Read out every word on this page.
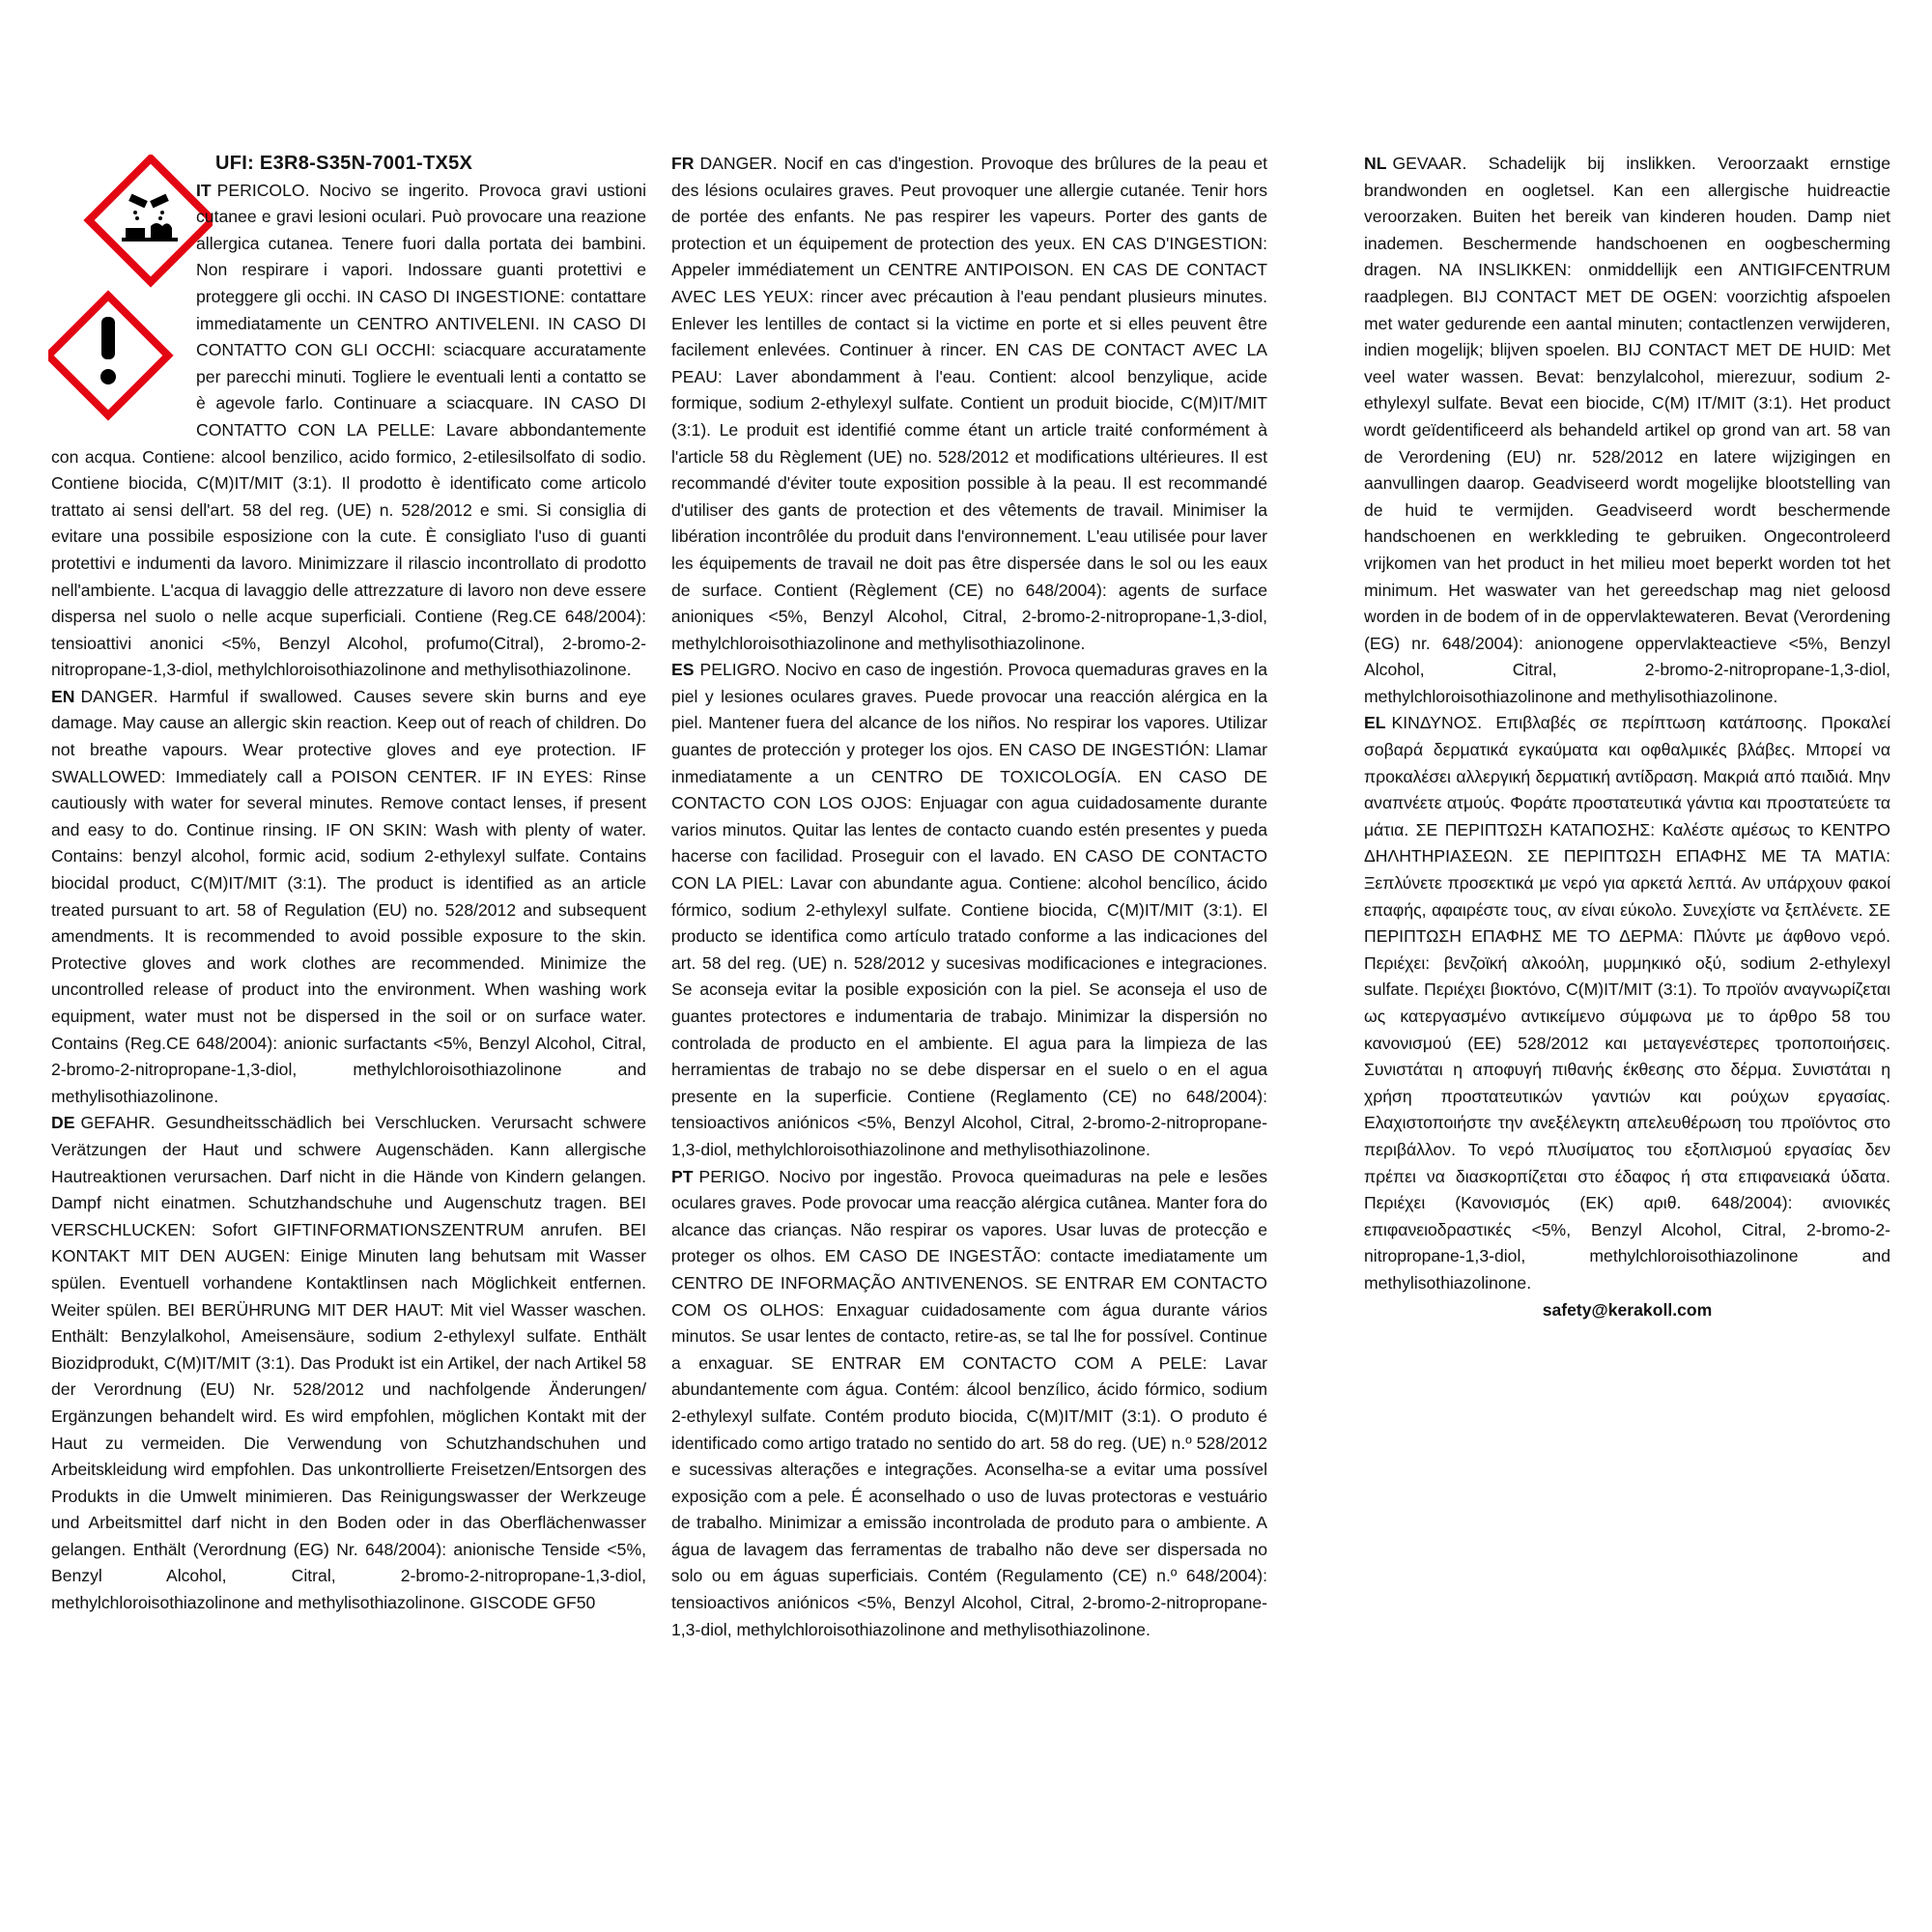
UFI: E3R8-S35N-7001-TX5X

IT PERICOLO. Nocivo se ingerito. Provoca gravi ustioni cutanee e gravi lesioni oculari. Può provocare una reazione allergica cutanea. Tenere fuori dalla portata dei bambini. Non respirare i vapori. Indossare guanti protettivi e proteggere gli occhi. IN CASO DI INGESTIONE: contattare immediatamente un CENTRO ANTIVELENI. IN CASO DI CONTATTO CON GLI OCCHI: sciacquare accuratamente per parecchi minuti. Togliere le eventuali lenti a contatto se è agevole farlo. Continuare a sciacquare. IN CASO DI CONTATTO CON LA PELLE: Lavare abbondantemente con acqua. Contiene: alcool benzilico, acido formico, 2-etilesilsolfato di sodio. Contiene biocida, C(M)IT/MIT (3:1). Il prodotto è identificato come articolo trattato ai sensi dell'art. 58 del reg. (UE) n. 528/2012 e smi. Si consiglia di evitare una possibile esposizione con la cute. È consigliato l'uso di guanti protettivi e indumenti da lavoro. Minimizzare il rilascio incontrollato di prodotto nell'ambiente. L'acqua di lavaggio delle attrezzature di lavoro non deve essere dispersa nel suolo o nelle acque superficiali. Contiene (Reg.CE 648/2004): tensioattivi anonici <5%, Benzyl Alcohol, profumo(Citral), 2-bromo-2-nitropropane-1,3-diol, methylchloroisothiazolinone and methylisothiazolinone.

EN DANGER. Harmful if swallowed. Causes severe skin burns and eye damage. May cause an allergic skin reaction. Keep out of reach of children. Do not breathe vapours. Wear protective gloves and eye protection. IF SWALLOWED: Immediately call a POISON CENTER. IF IN EYES: Rinse cautiously with water for several minutes. Remove contact lenses, if present and easy to do. Continue rinsing. IF ON SKIN: Wash with plenty of water. Contains: benzyl alcohol, formic acid, sodium 2-ethylexyl sulfate. Contains biocidal product, C(M)IT/MIT (3:1). The product is identified as an article treated pursuant to art. 58 of Regulation (EU) no. 528/2012 and subsequent amendments. It is recommended to avoid possible exposure to the skin. Protective gloves and work clothes are recommended. Minimize the uncontrolled release of product into the environment. When washing work equipment, water must not be dispersed in the soil or on surface water. Contains (Reg.CE 648/2004): anionic surfactants <5%, Benzyl Alcohol, Citral, 2-bromo-2-nitropropane-1,3-diol, methylchloroisothiazolinone and methylisothiazolinone.

DE GEFAHR. Gesundheitsschädlich bei Verschlucken. Verursacht schwere Verätzungen der Haut und schwere Augenschäden. Kann allergische Hautreaktionen verursachen. Darf nicht in die Hände von Kindern gelangen. Dampf nicht einatmen. Schutzhandschuhe und Augenschutz tragen. BEI VERSCHLUCKEN: Sofort GIFTINFORMATIONSZENTRUM anrufen. BEI KONTAKT MIT DEN AUGEN: Einige Minuten lang behutsam mit Wasser spülen. Eventuell vorhandene Kontaktlinsen nach Möglichkeit entfernen. Weiter spülen. BEI BERÜHRUNG MIT DER HAUT: Mit viel Wasser waschen. Enthält: Benzylalkohol, Ameisensäure, sodium 2-ethylexyl sulfate. Enthält Biozidprodukt, C(M)IT/MIT (3:1). Das Produkt ist ein Artikel, der nach Artikel 58 der Verordnung (EU) Nr. 528/2012 und nachfolgende Änderungen/ Ergänzungen behandelt wird. Es wird empfohlen, möglichen Kontakt mit der Haut zu vermeiden. Die Verwendung von Schutzhandschuhen und Arbeitskleidung wird empfohlen. Das unkontrollierte Freisetzen/Entsorgen des Produkts in die Umwelt minimieren. Das Reinigungswasser der Werkzeuge und Arbeitsmittel darf nicht in den Boden oder in das Oberflächenwasser gelangen. Enthält (Verordnung (EG) Nr. 648/2004): anionische Tenside <5%, Benzyl Alcohol, Citral, 2-bromo-2-nitropropane-1,3-diol, methylchloroisothiazolinone and methylisothiazolinone. GISCODE GF50

FR DANGER. Nocif en cas d'ingestion. Provoque des brûlures de la peau et des lésions oculaires graves. Peut provoquer une allergie cutanée. Tenir hors de portée des enfants. Ne pas respirer les vapeurs. Porter des gants de protection et un équipement de protection des yeux. EN CAS D'INGESTION: Appeler immédiatement un CENTRE ANTIPOISON. EN CAS DE CONTACT AVEC LES YEUX: rincer avec précaution à l'eau pendant plusieurs minutes. Enlever les lentilles de contact si la victime en porte et si elles peuvent être facilement enlevées. Continuer à rincer. EN CAS DE CONTACT AVEC LA PEAU: Laver abondamment à l'eau. Contient: alcool benzylique, acide formique, sodium 2-ethylexyl sulfate. Contient un produit biocide, C(M)IT/MIT (3:1). Le produit est identifié comme étant un article traité conformément à l'article 58 du Règlement (UE) no. 528/2012 et modifications ultérieures. Il est recommandé d'éviter toute exposition possible à la peau. Il est recommandé d'utiliser des gants de protection et des vêtements de travail. Minimiser la libération incontrôlée du produit dans l'environnement. L'eau utilisée pour laver les équipements de travail ne doit pas être dispersée dans le sol ou les eaux de surface. Contient (Règlement (CE) no 648/2004): agents de surface anioniques <5%, Benzyl Alcohol, Citral, 2-bromo-2-nitropropane-1,3-diol, methylchloroisothiazolinone and methylisothiazolinone.

ES PELIGRO. Nocivo en caso de ingestión. Provoca quemaduras graves en la piel y lesiones oculares graves. Puede provocar una reacción alérgica en la piel. Mantener fuera del alcance de los niños. No respirar los vapores. Utilizar guantes de protección y proteger los ojos. EN CASO DE INGESTIÓN: Llamar inmediatamente a un CENTRO DE TOXICOLOGÍA. EN CASO DE CONTACTO CON LOS OJOS: Enjuagar con agua cuidadosamente durante varios minutos. Quitar las lentes de contacto cuando estén presentes y pueda hacerse con facilidad. Proseguir con el lavado. EN CASO DE CONTACTO CON LA PIEL: Lavar con abundante agua. Contiene: alcohol bencílico, ácido fórmico, sodium 2-ethylexyl sulfate. Contiene biocida, C(M)IT/MIT (3:1). El producto se identifica como artículo tratado conforme a las indicaciones del art. 58 del reg. (UE) n. 528/2012 y sucesivas modificaciones e integraciones. Se aconseja evitar la posible exposición con la piel. Se aconseja el uso de guantes protectores e indumentaria de trabajo. Minimizar la dispersión no controlada de producto en el ambiente. El agua para la limpieza de las herramientas de trabajo no se debe dispersar en el suelo o en el agua presente en la superficie. Contiene (Reglamento (CE) no 648/2004): tensioactivos aniónicos <5%, Benzyl Alcohol, Citral, 2-bromo-2-nitropropane-1,3-diol, methylchloroisothiazolinone and methylisothiazolinone.

PT PERIGO. Nocivo por ingestão. Provoca queimaduras na pele e lesões oculares graves. Pode provocar uma reacção alérgica cutânea. Manter fora do alcance das crianças. Não respirar os vapores. Usar luvas de protecção e proteger os olhos. EM CASO DE INGESTÃO: contacte imediatamente um CENTRO DE INFORMAÇÃO ANTIVENENOS. SE ENTRAR EM CONTACTO COM OS OLHOS: Enxaguar cuidadosamente com água durante vários minutos. Se usar lentes de contacto, retire-as, se tal lhe for possível. Continue a enxaguar. SE ENTRAR EM CONTACTO COM A PELE: Lavar abundantemente com água. Contém: álcool benzílico, ácido fórmico, sodium 2-ethylexyl sulfate. Contém produto biocida, C(M)IT/MIT (3:1). O produto é identificado como artigo tratado no sentido do art. 58 do reg. (UE) n.º 528/2012 e sucessivas alterações e integrações. Aconselha-se a evitar uma possível exposição com a pele. É aconselhado o uso de luvas protectoras e vestuário de trabalho. Minimizar a emissão incontrolada de produto para o ambiente. A água de lavagem das ferramentas de trabalho não deve ser dispersada no solo ou em águas superficiais. Contém (Regulamento (CE) n.º 648/2004): tensioactivos aniónicos <5%, Benzyl Alcohol, Citral, 2-bromo-2-nitropropane-1,3-diol, methylchloroisothiazolinone and methylisothiazolinone.

NL GEVAAR. Schadelijk bij inslikken. Veroorzaakt ernstige brandwonden en oogletsel. Kan een allergische huidreactie veroorzaken. Buiten het bereik van kinderen houden. Damp niet inademen. Beschermende handschoenen en oogbescherming dragen. NA INSLIKKEN: onmiddellijk een ANTIGIFCENTRUM raadplegen. BIJ CONTACT MET DE OGEN: voorzichtig afspoelen met water gedurende een aantal minuten; contactlenzen verwijderen, indien mogelijk; blijven spoelen. BIJ CONTACT MET DE HUID: Met veel water wassen. Bevat: benzylalcohol, mierezuur, sodium 2-ethylexyl sulfate. Bevat een biocide, C(M) IT/MIT (3:1). Het product wordt geïdentificeerd als behandeld artikel op grond van art. 58 van de Verordening (EU) nr. 528/2012 en latere wijzigingen en aanvullingen daarop. Geadviseerd wordt mogelijke blootstelling van de huid te vermijden. Geadviseerd wordt beschermende handschoenen en werkkleding te gebruiken. Ongecontroleerd vrijkomen van het product in het milieu moet beperkt worden tot het minimum. Het waswater van het gereedschap mag niet geloosd worden in de bodem of in de oppervlaktewateren. Bevat (Verordening (EG) nr. 648/2004): anionogene oppervlakteactieve <5%, Benzyl Alcohol, Citral, 2-bromo-2-nitropropane-1,3-diol, methylchloroisothiazolinone and methylisothiazolinone.

EL ΚΙΝΔΥΝΟΣ. Επιβλαβές σε περίπτωση κατάποσης. Προκαλεί σοβαρά δερματικά εγκαύματα και οφθαλμικές βλάβες. Μπορεί να προκαλέσει αλλεργική δερματική αντίδραση. Μακριά από παιδιά. Μην αναπνέετε ατμούς. Φοράτε προστατευτικά γάντια και προστατεύετε τα μάτια. ΣΕ ΠΕΡΙΠΤΩΣΗ ΚΑΤΑΠΟΣΗΣ: Καλέστε αμέσως το ΚΕΝΤΡΟ ΔΗΛΗΤΗΡΙΑΣΕΩΝ. ΣΕ ΠΕΡΙΠΤΩΣΗ ΕΠΑΦΗΣ ΜΕ ΤΑ ΜΑΤΙΑ: Ξεπλύνετε προσεκτικά με νερό για αρκετά λεπτά. Αν υπάρχουν φακοί επαφής, αφαιρέστε τους, αν είναι εύκολο. Συνεχίστε να ξεπλένετε. ΣΕ ΠΕΡΙΠΤΩΣΗ ΕΠΑΦΗΣ ΜΕ ΤΟ ΔΕΡΜΑ: Πλύντε με άφθονο νερό. Περιέχει: βενζοϊκή αλκοόλη, μυρμηκικό οξύ, sodium 2-ethylexyl sulfate. Περιέχει βιοκτόνο, C(M)IT/MIT (3:1). Το προϊόν αναγνωρίζεται ως κατεργασμένο αντικείμενο σύμφωνα με το άρθρο 58 του κανονισμού (ΕΕ) 528/2012 και μεταγενέστερες τροποποιήσεις. Συνιστάται η αποφυγή πιθανής έκθεσης στο δέρμα. Συνιστάται η χρήση προστατευτικών γαντιών και ρούχων εργασίας. Ελαχιστοποιήστε την ανεξέλεγκτη απελευθέρωση του προϊόντος στο περιβάλλον. Το νερό πλυσίματος του εξοπλισμού εργασίας δεν πρέπει να διασκορπίζεται στο έδαφος ή στα επιφανειακά ύδατα. Περιέχει (Κανονισμός (ΕΚ) αριθ. 648/2004): ανιονικές επιφανειοδραστικές <5%, Benzyl Alcohol, Citral, 2-bromo-2-nitropropane-1,3-diol, methylchloroisothiazolinone and methylisothiazolinone.

safety@kerakoll.com
